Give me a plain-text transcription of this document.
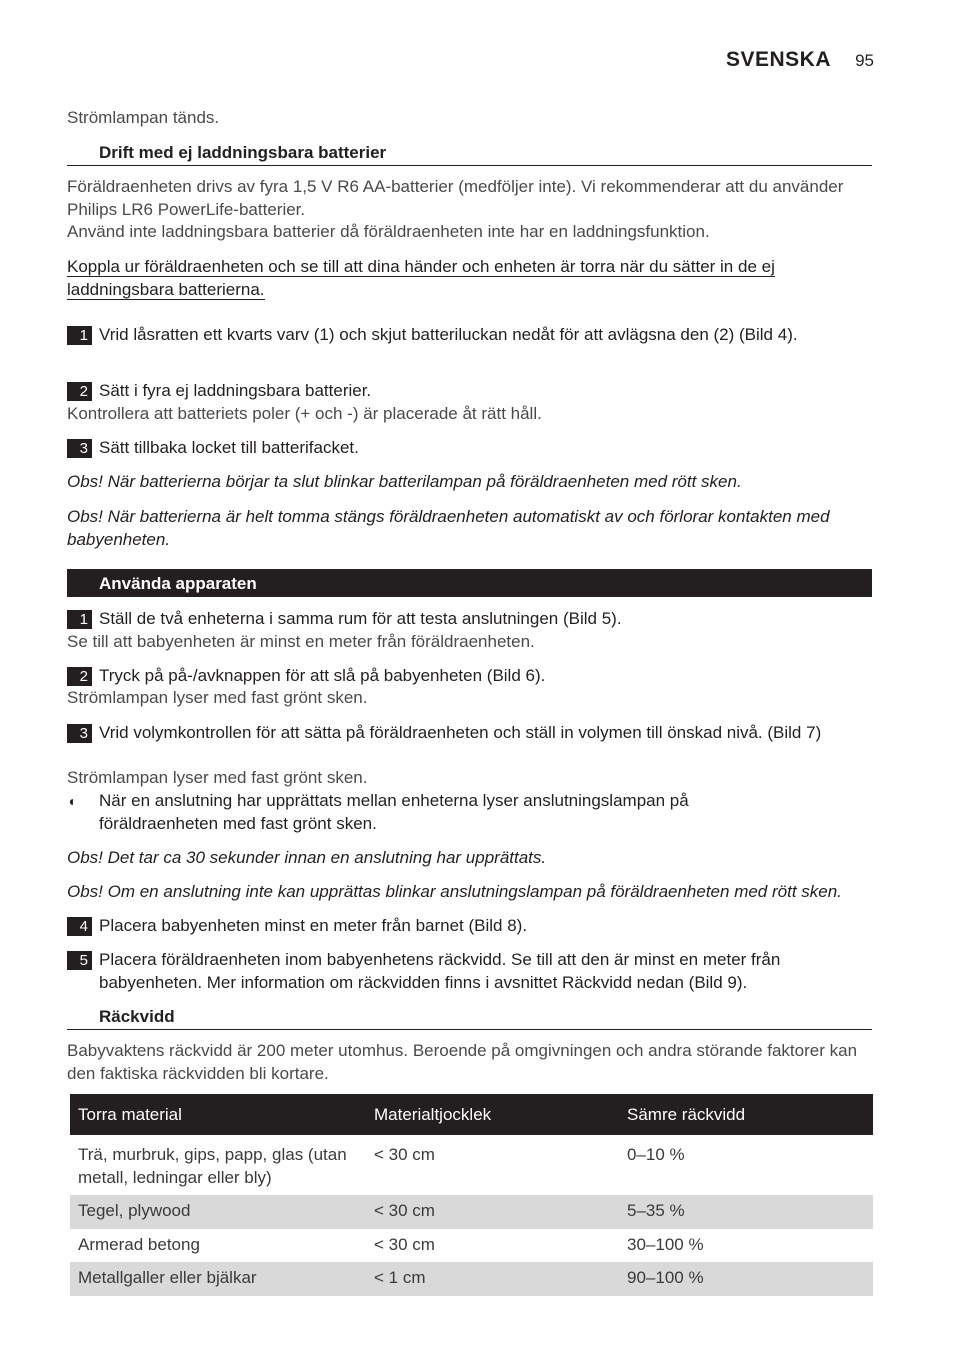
SVENSKA 95
Strömlampan tänds.
Drift med ej laddningsbara batterier
Föräldraenheten drivs av fyra 1,5 V R6 AA-batterier (medföljer inte). Vi rekommenderar att du använder Philips LR6 PowerLife-batterier.
Använd inte laddningsbara batterier då föräldraenheten inte har en laddningsfunktion.
Koppla ur föräldraenheten och se till att dina händer och enheten är torra när du sätter in de ej laddningsbara batterierna.
1 Vrid låsratten ett kvarts varv (1) och skjut batteriluckan nedåt för att avlägsna den (2) (Bild 4).
2 Sätt i fyra ej laddningsbara batterier.
Kontrollera att batteriets poler (+ och -) är placerade åt rätt håll.
3 Sätt tillbaka locket till batterifacket.
Obs! När batterierna börjar ta slut blinkar batterilampan på föräldraenheten med rött sken.
Obs! När batterierna är helt tomma stängs föräldraenheten automatiskt av och förlorar kontakten med babyenheten.
Använda apparaten
1 Ställ de två enheterna i samma rum för att testa anslutningen (Bild 5).
Se till att babyenheten är minst en meter från föräldraenheten.
2 Tryck på på-/avknappen för att slå på babyenheten (Bild 6).
Strömlampan lyser med fast grönt sken.
3 Vrid volymkontrollen för att sätta på föräldraenheten och ställ in volymen till önskad nivå. (Bild 7)
Strömlampan lyser med fast grönt sken.
◖ När en anslutning har upprättats mellan enheterna lyser anslutningslampan på föräldraenheten med fast grönt sken.
Obs! Det tar ca 30 sekunder innan en anslutning har upprättats.
Obs! Om en anslutning inte kan upprättas blinkar anslutningslampan på föräldraenheten med rött sken.
4 Placera babyenheten minst en meter från barnet (Bild 8).
5 Placera föräldraenheten inom babyenhetens räckvidd. Se till att den är minst en meter från babyenheten. Mer information om räckvidden finns i avsnittet Räckvidd nedan (Bild 9).
Räckvidd
Babyvaktens räckvidd är 200 meter utomhus. Beroende på omgivningen och andra störande faktorer kan den faktiska räckvidden bli kortare.
Torra material	Materialtjocklek	Sämre räckvidd
Trä, murbruk, gips, papp, glas (utan metall, ledningar eller bly)	< 30 cm	0–10 %
Tegel, plywood	< 30 cm	5–35 %
Armerad betong	< 30 cm	30–100 %
Metallgaller eller bjälkar	< 1 cm	90–100 %
